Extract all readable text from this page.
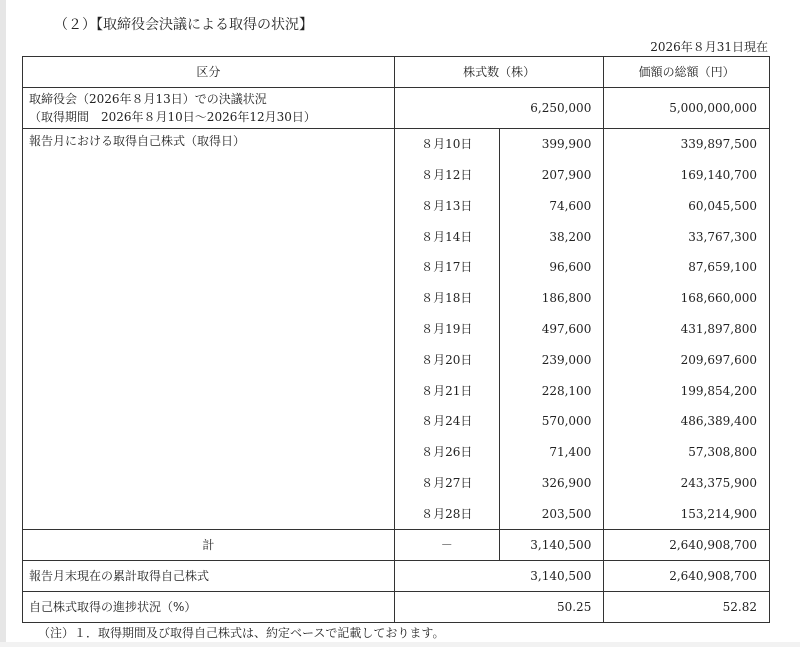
（２）【取締役会決議による取得の状況】
2026年８月31日現在
区分	株式数（株）		価額の総額（円）

取締役会（2026年８月13日）での決議状況
（取得期間　2026年８月10日～2026年12月30日）	6,250,000		5,000,000,000
報告月における取得自己株式（取得日）	８月10日	399,900	339,897,500
	８月12日	207,900	169,140,700
	８月13日	74,600	60,045,500
	８月14日	38,200	33,767,300
	８月17日	96,600	87,659,100
	８月18日	186,800	168,660,000
	８月19日	497,600	431,897,800
	８月20日	239,000	209,697,600
	８月21日	228,100	199,854,200
	８月24日	570,000	486,389,400
	８月26日	71,400	57,308,800
	８月27日	326,900	243,375,900
	８月28日	203,500	153,214,900
計	－	3,140,500	2,640,908,700
報告月末現在の累計取得自己株式	3,140,500		2,640,908,700
自己株式取得の進捗状況（%）	50.25		52.82
（注）１．取得期間及び取得自己株式は、約定ベースで記載しております。
